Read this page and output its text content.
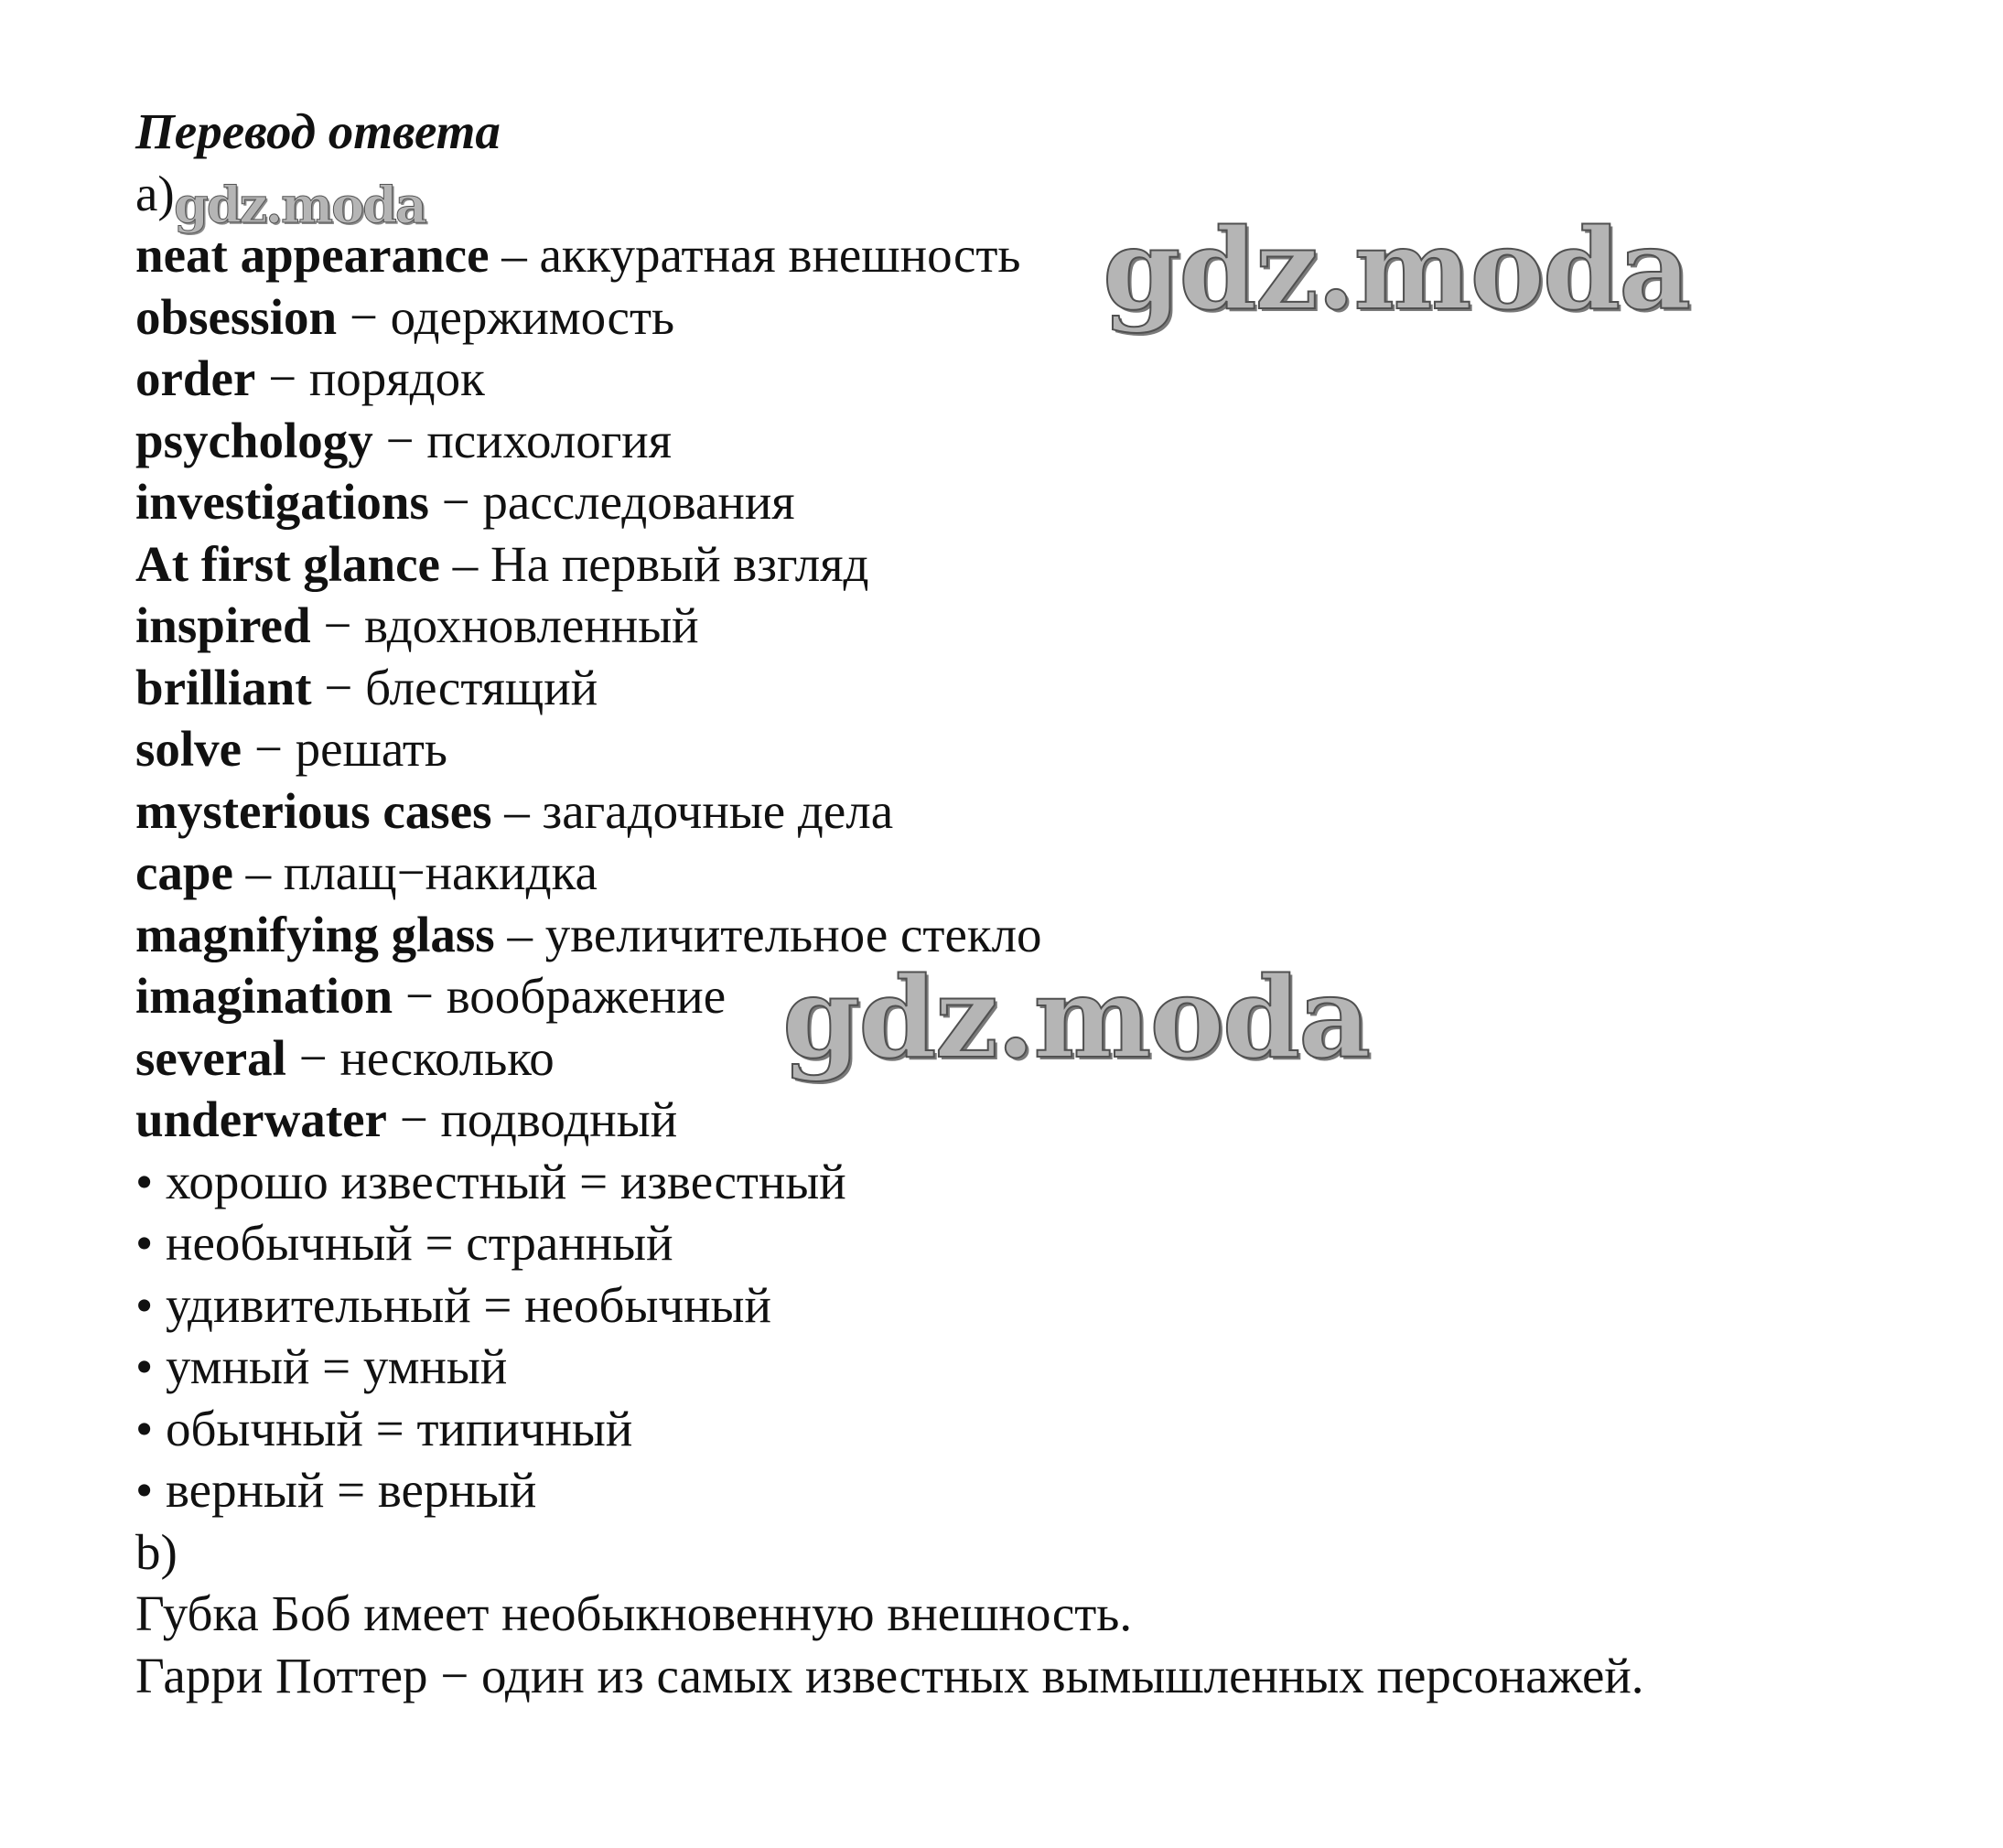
Перевод ответа
a)
neat appearance – аккуратная внешность
obsession − одержимость
order − порядок
psychology − психология
investigations − расследования
At first glance – На первый взгляд
inspired − вдохновленный
brilliant − блестящий
solve − решать
mysterious cases – загадочные дела
cape – плащ−накидка
magnifying glass – увеличительное стекло
imagination − воображение
several − несколько
underwater − подводный
• хорошо известный = известный
• необычный = странный
• удивительный = необычный
• умный = умный
• обычный = типичный
• верный = верный
b)
Губка Боб имеет необыкновенную внешность.
Гарри Поттер − один из самых известных вымышленных персонажей.
gdz.moda	gdz.moda
gdz.moda
